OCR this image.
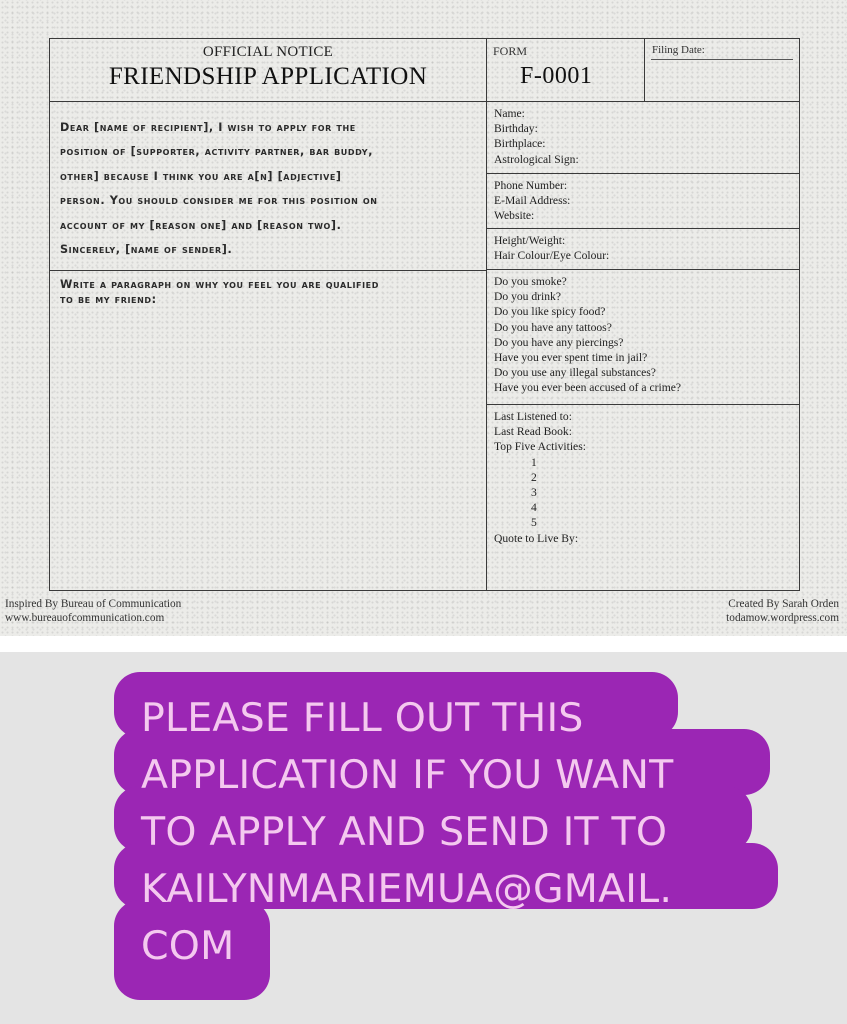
OFFICIAL NOTICE
FRIENDSHIP APPLICATION
FORM
F-0001
Filing Date:
Dear [name of recipient], I wish to apply for the
position of [supporter, activity partner, bar buddy,
other] because I think you are a[n] [adjective]
person. You should consider me for this position on
account of my [reason one] and [reason two].
Sincerely, [name of sender].
Write a paragraph on why you feel you are qualified
to be my friend:
Name:
Birthday:
Birthplace:
Astrological Sign:
Phone Number:
E-Mail Address:
Website:
Height/Weight:
Hair Colour/Eye Colour:
Do you smoke?
Do you drink?
Do you like spicy food?
Do you have any tattoos?
Do you have any piercings?
Have you ever spent time in jail?
Do you use any illegal substances?
Have you ever been accused of a crime?
Last Listened to:
Last Read Book:
Top Five Activities:
1
2
3
4
5
Quote to Live By:
Inspired By Bureau of Communication
www.bureauofcommunication.com
Created By Sarah Orden
todamow.wordpress.com
PLEASE FILL OUT THIS
APPLICATION IF YOU WANT
TO APPLY AND SEND IT TO
KAILYNMARIEMUA@GMAIL.
COM
